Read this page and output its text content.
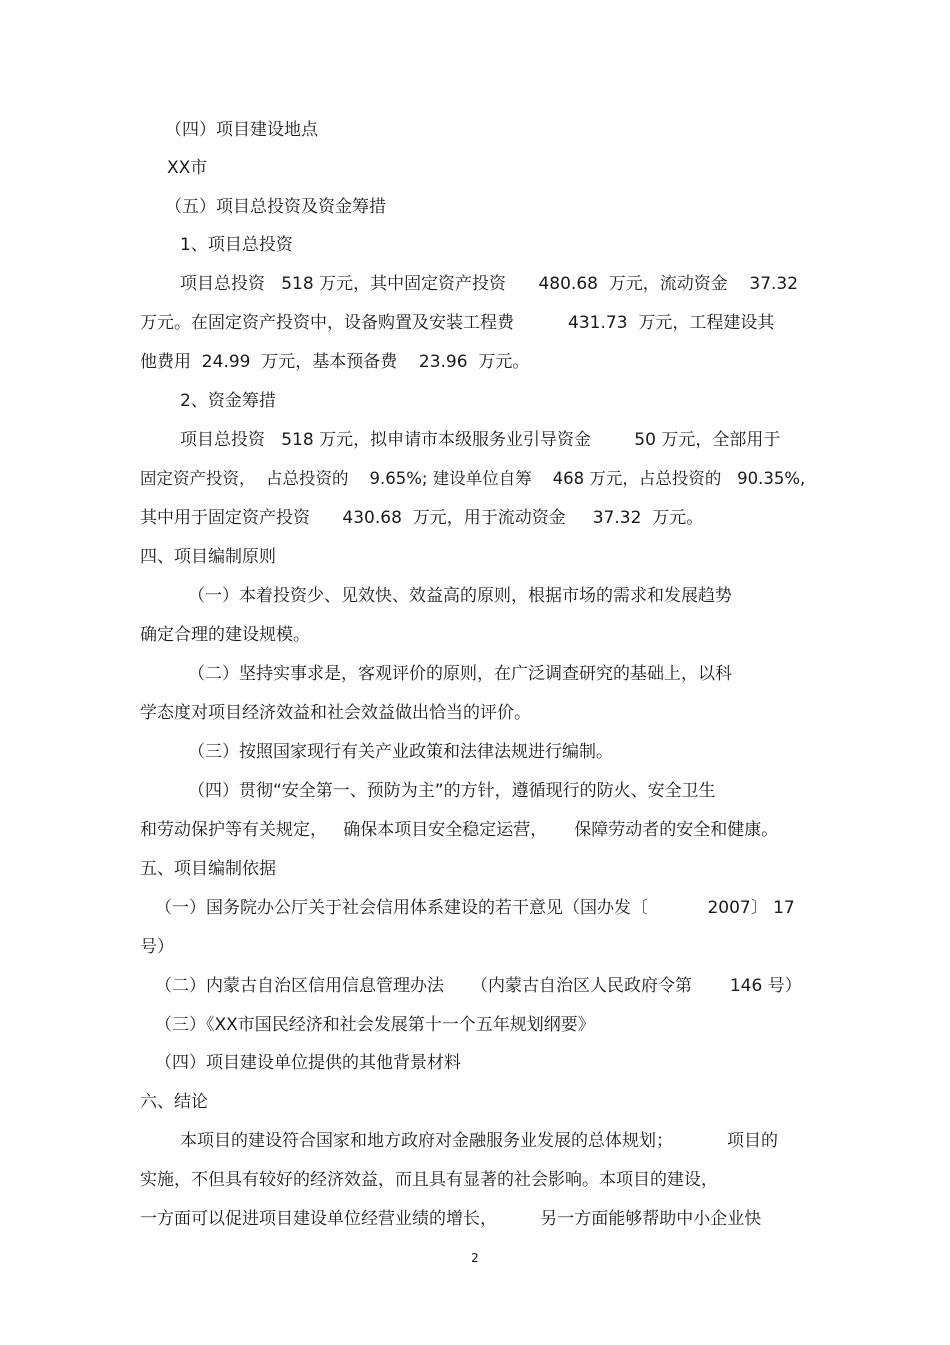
（四）项目建设地点
XX市
（五）项目总投资及资金筹措
1、项目总投资
项目总投资   518 万元，其中固定资产投资      480.68  万元，流动资金    37.32
万元。在固定资产投资中，设备购置及安装工程费          431.73  万元，工程建设其
他费用  24.99  万元，基本预备费    23.96  万元。
2、资金筹措
项目总投资   518 万元，拟申请市本级服务业引导资金        50 万元，全部用于
固定资产投资，  占总投资的    9.65%; 建设单位自筹    468 万元，占总投资的   90.35%,
其中用于固定资产投资      430.68  万元，用于流动资金     37.32  万元。
四、项目编制原则
（一）本着投资少、见效快、效益高的原则，根据市场的需求和发展趋势
确定合理的建设规模。
（二）坚持实事求是，客观评价的原则，在广泛调查研究的基础上，以科
学态度对项目经济效益和社会效益做出恰当的评价。
（三）按照国家现行有关产业政策和法律法规进行编制。
（四）贯彻“安全第一、预防为主”的方针，遵循现行的防火、安全卫生
和劳动保护等有关规定，   确保本项目安全稳定运营，     保障劳动者的安全和健康。
五、项目编制依据
（一）国务院办公厅关于社会信用体系建设的若干意见（国办发〔           2007〕 17
号）
（二）内蒙古自治区信用信息管理办法     （内蒙古自治区人民政府令第       146 号）
（三）《XX市国民经济和社会发展第十一个五年规划纲要》
（四）项目建设单位提供的其他背景材料
六、结论
本项目的建设符合国家和地方政府对金融服务业发展的总体规划；          项目的
实施，不但具有较好的经济效益，而且具有显著的社会影响。本项目的建设，
一方面可以促进项目建设单位经营业绩的增长，        另一方面能够帮助中小企业快
2
